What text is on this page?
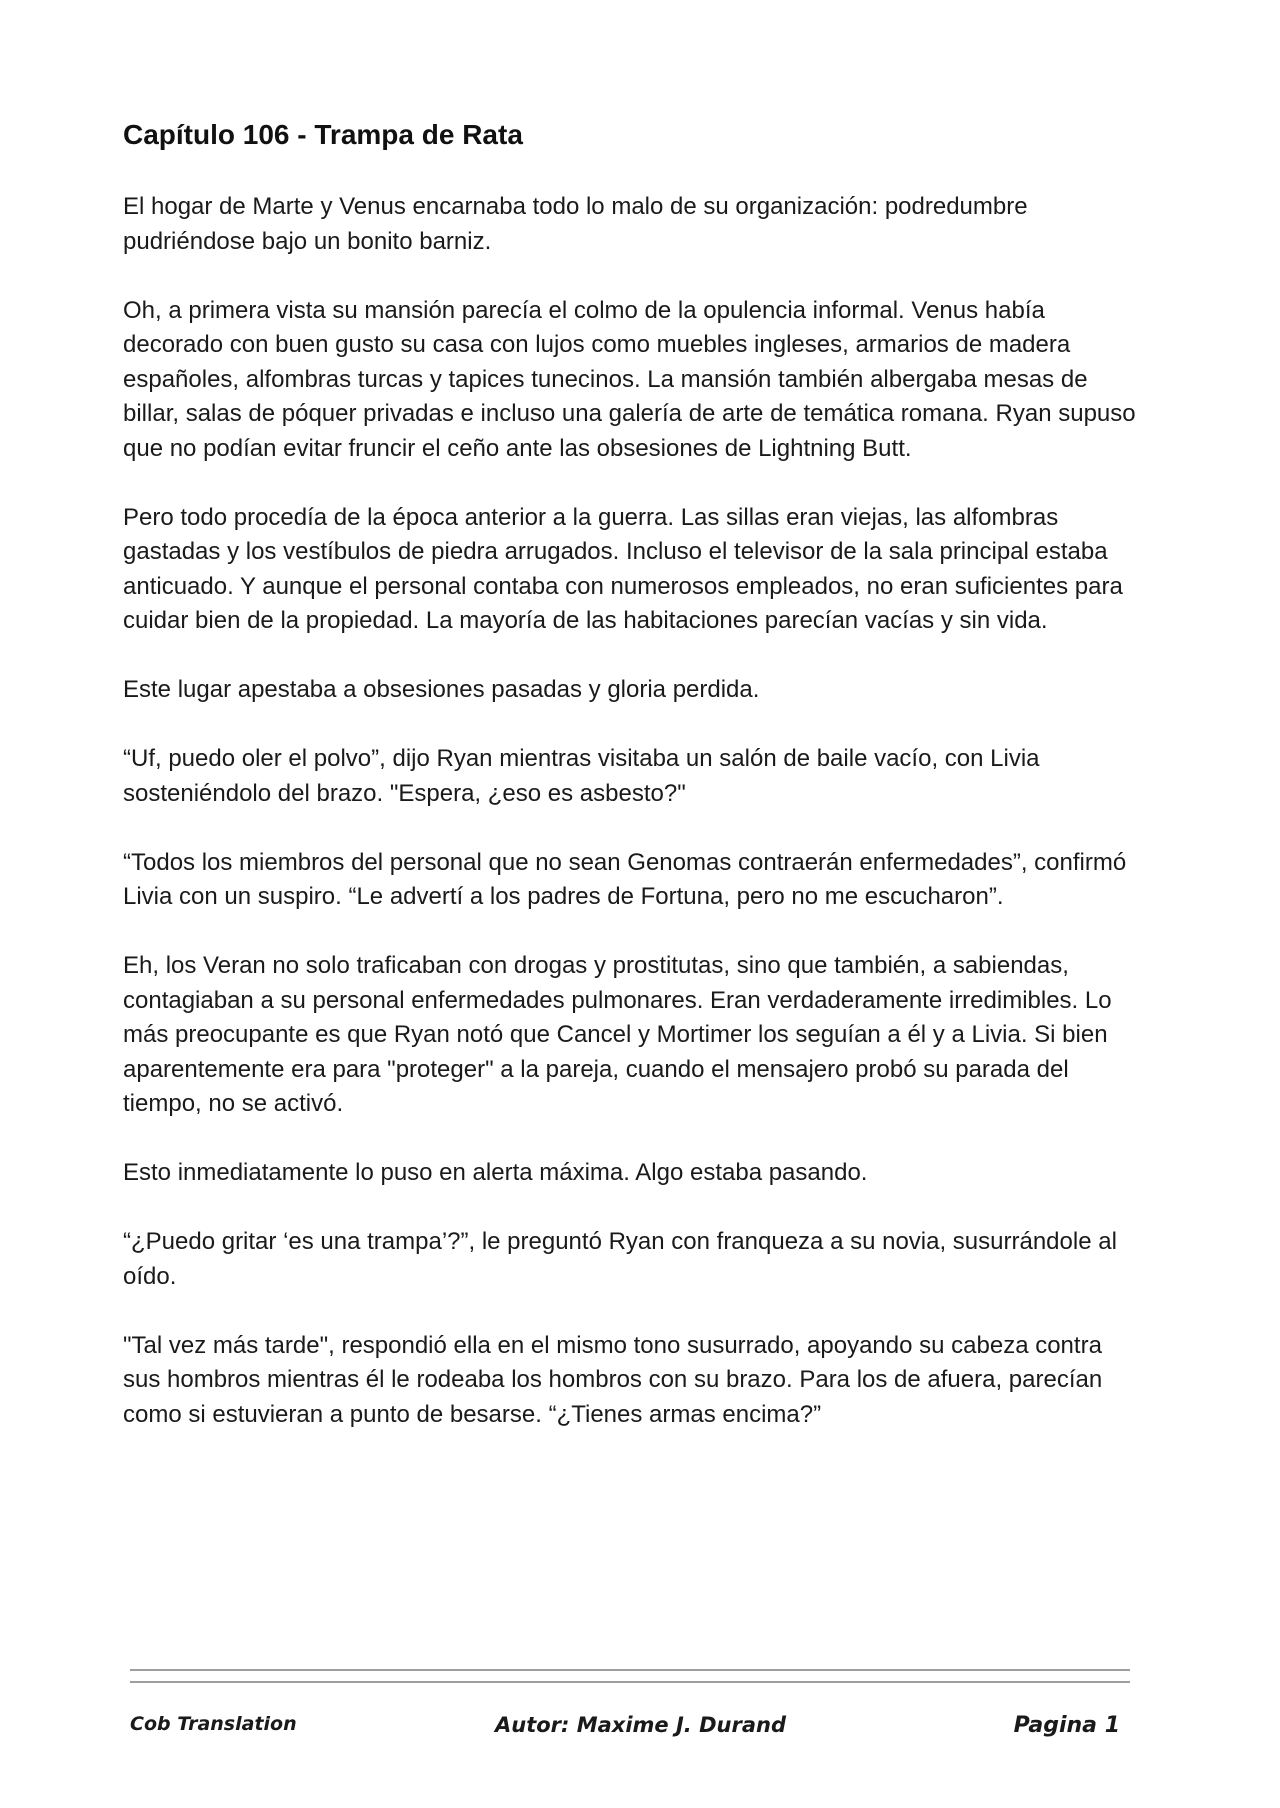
Capítulo 106 - Trampa de Rata

El hogar de Marte y Venus encarnaba todo lo malo de su organización: podredumbre pudriéndose bajo un bonito barniz.

Oh, a primera vista su mansión parecía el colmo de la opulencia informal. Venus había decorado con buen gusto su casa con lujos como muebles ingleses, armarios de madera españoles, alfombras turcas y tapices tunecinos. La mansión también albergaba mesas de billar, salas de póquer privadas e incluso una galería de arte de temática romana. Ryan supuso que no podían evitar fruncir el ceño ante las obsesiones de Lightning Butt.

Pero todo procedía de la época anterior a la guerra. Las sillas eran viejas, las alfombras gastadas y los vestíbulos de piedra arrugados. Incluso el televisor de la sala principal estaba anticuado. Y aunque el personal contaba con numerosos empleados, no eran suficientes para cuidar bien de la propiedad. La mayoría de las habitaciones parecían vacías y sin vida.

Este lugar apestaba a obsesiones pasadas y gloria perdida.

“Uf, puedo oler el polvo”, dijo Ryan mientras visitaba un salón de baile vacío, con Livia sosteniéndolo del brazo. "Espera, ¿eso es asbesto?"

“Todos los miembros del personal que no sean Genomas contraerán enfermedades”, confirmó Livia con un suspiro. “Le advertí a los padres de Fortuna, pero no me escucharon”.

Eh, los Veran no solo traficaban con drogas y prostitutas, sino que también, a sabiendas, contagiaban a su personal enfermedades pulmonares. Eran verdaderamente irredimibles. Lo más preocupante es que Ryan notó que Cancel y Mortimer los seguían a él y a Livia. Si bien aparentemente era para "proteger" a la pareja, cuando el mensajero probó su parada del tiempo, no se activó.

Esto inmediatamente lo puso en alerta máxima. Algo estaba pasando.

“¿Puedo gritar ‘es una trampa’?”, le preguntó Ryan con franqueza a su novia, susurrándole al oído.

"Tal vez más tarde", respondió ella en el mismo tono susurrado, apoyando su cabeza contra sus hombros mientras él le rodeaba los hombros con su brazo. Para los de afuera, parecían como si estuvieran a punto de besarse. “¿Tienes armas encima?”

Cob Translation	Autor: Maxime J. Durand	Pagina 1
